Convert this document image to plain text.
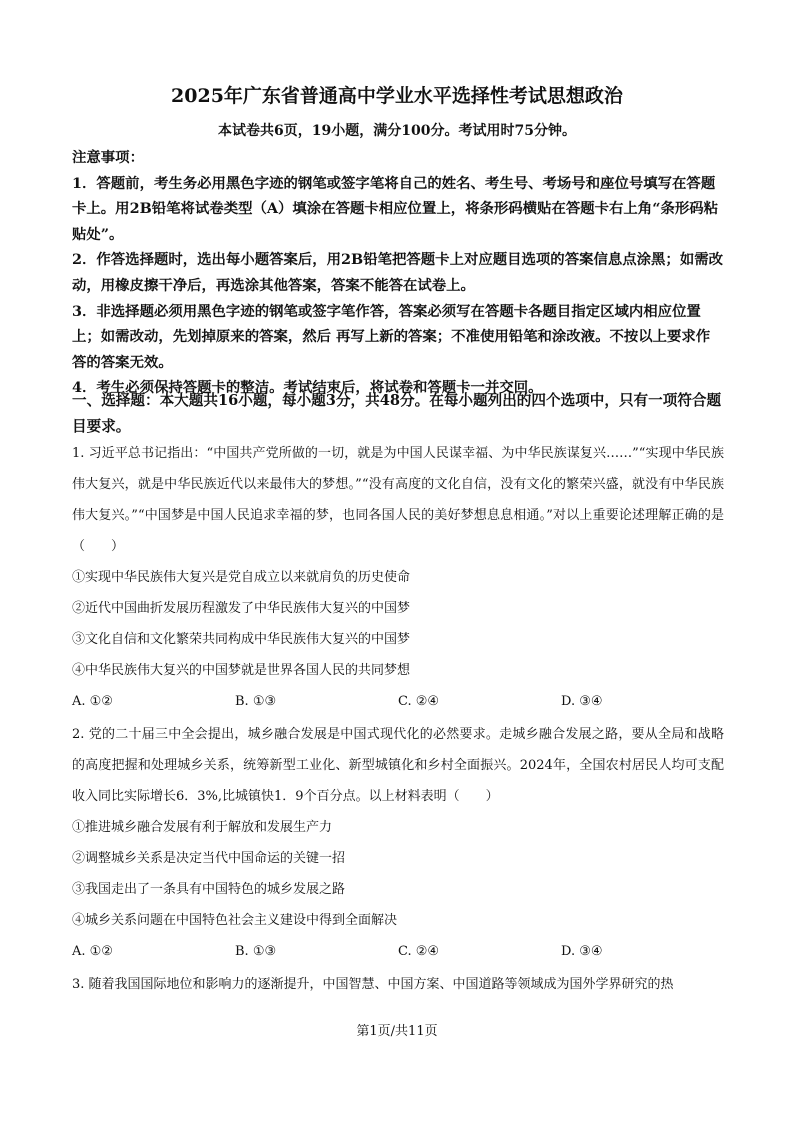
2025年广东省普通高中学业水平选择性考试思想政治
本试卷共6页，19小题，满分100分。考试用时75分钟。

注意事项：

1．答题前，考生务必用黑色字迹的钢笔或签字笔将自己的姓名、考生号、考场号和座位号填写在答题卡上。用2B铅笔将试卷类型（A）填涂在答题卡相应位置上，将条形码横贴在答题卡右上角“条形码粘贴处”。

2．作答选择题时，选出每小题答案后，用2B铅笔把答题卡上对应题目选项的答案信息点涂黑；如需改动，用橡皮擦干净后，再选涂其他答案，答案不能答在试卷上。

3．非选择题必须用黑色字迹的钢笔或签字笔作答，答案必须写在答题卡各题目指定区域内相应位置上；如需改动，先划掉原来的答案，然后 再写上新的答案；不准使用铅笔和涂改液。不按以上要求作答的答案无效。

4．考生必须保持答题卡的整洁。考试结束后，将试卷和答题卡一并交回。

一、选择题：本大题共16小题，每小题3分，共48分。在每小题列出的四个选项中，只有一项符合题目要求。

1. 习近平总书记指出：“中国共产党所做的一切，就是为中国人民谋幸福、为中华民族谋复兴……”“实现中华民族伟大复兴，就是中华民族近代以来最伟大的梦想。”“没有高度的文化自信，没有文化的繁荣兴盛，就没有中华民族伟大复兴。”“中国梦是中国人民追求幸福的梦，也同各国人民的美好梦想息息相通。”对以上重要论述理解正确的是（　　）

①实现中华民族伟大复兴是党自成立以来就肩负的历史使命
②近代中国曲折发展历程激发了中华民族伟大复兴的中国梦
③文化自信和文化繁荣共同构成中华民族伟大复兴的中国梦
④中华民族伟大复兴的中国梦就是世界各国人民的共同梦想
A. ①②	B. ①③	C. ②④	D. ③④

2. 党的二十届三中全会提出，城乡融合发展是中国式现代化的必然要求。走城乡融合发展之路，要从全局和战略的高度把握和处理城乡关系，统筹新型工业化、新型城镇化和乡村全面振兴。2024年，全国农村居民人均可支配收入同比实际增长6．3%,比城镇快1．9个百分点。以上材料表明（　　）

①推进城乡融合发展有利于解放和发展生产力
②调整城乡关系是决定当代中国命运的关键一招
③我国走出了一条具有中国特色的城乡发展之路
④城乡关系问题在中国特色社会主义建设中得到全面解决
A. ①②	B. ①③	C. ②④	D. ③④

3. 随着我国国际地位和影响力的逐渐提升，中国智慧、中国方案、中国道路等领域成为国外学界研究的热

第1页/共11页
